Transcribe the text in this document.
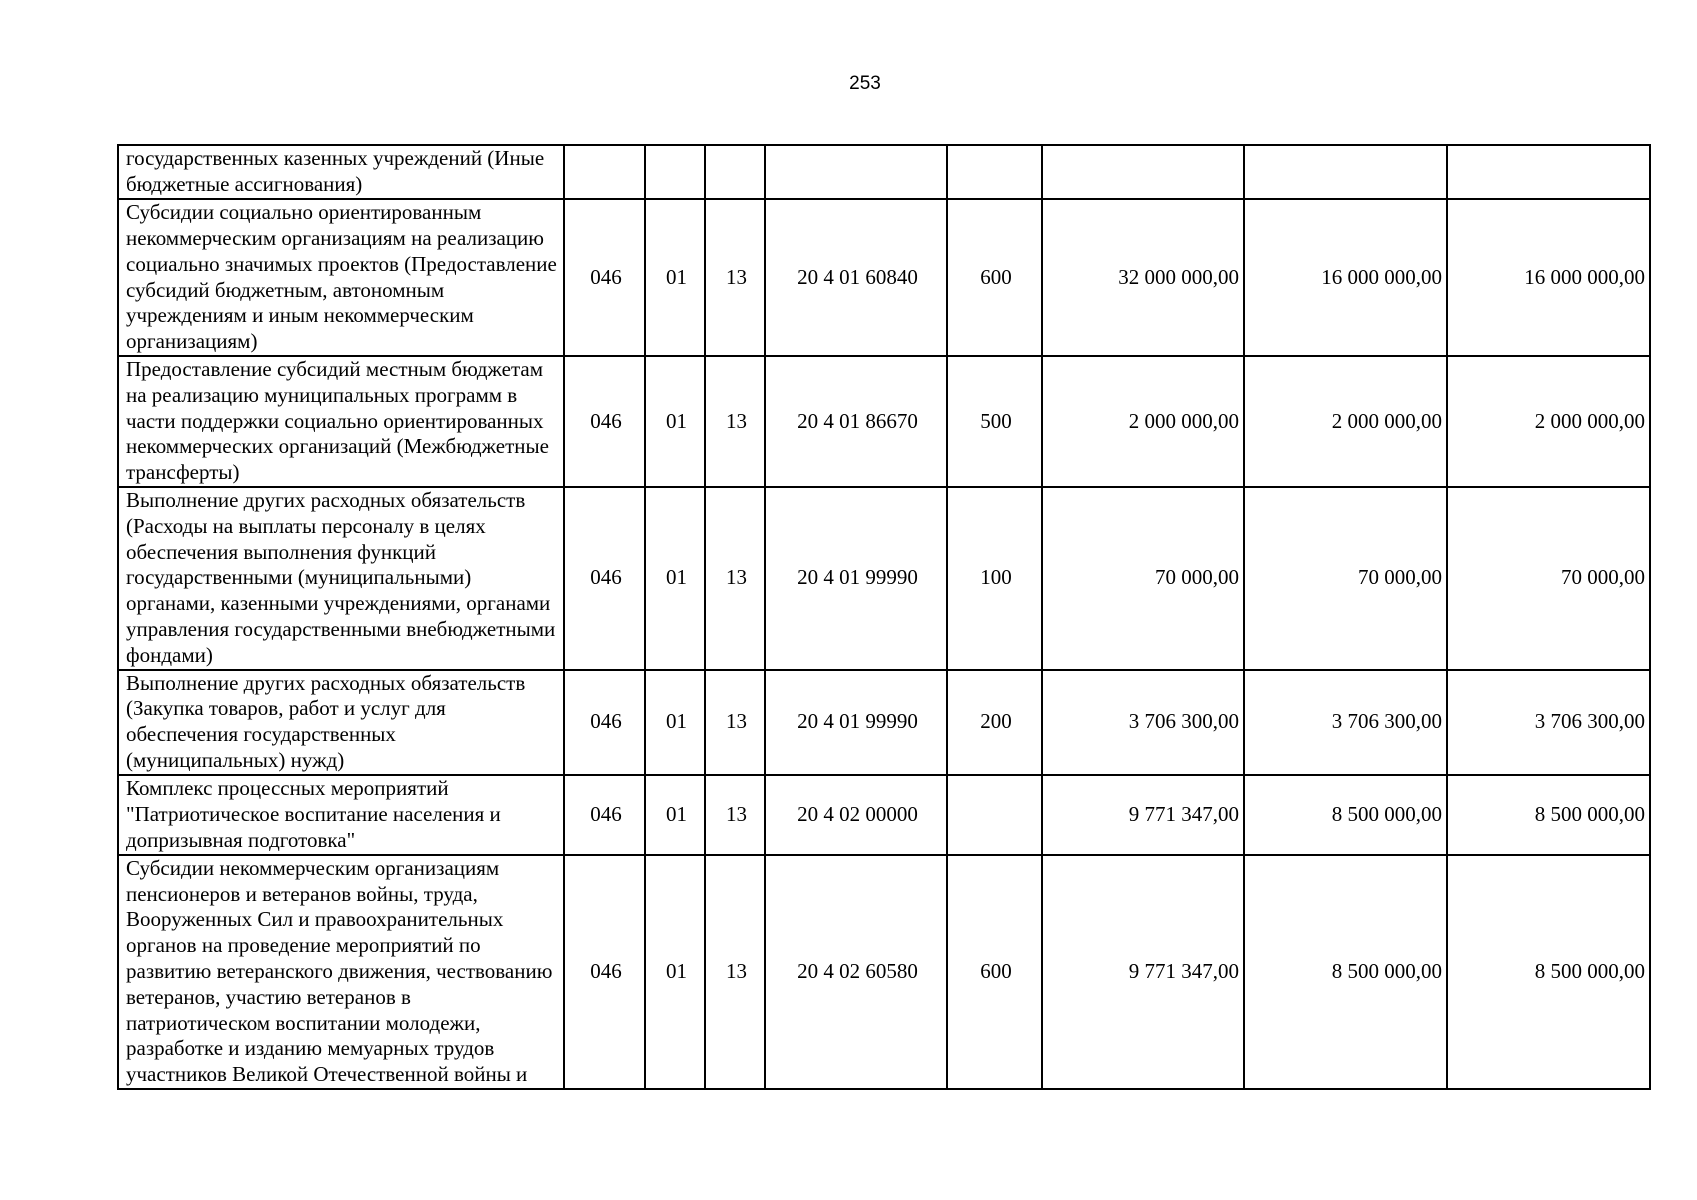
253
государственных казенных учреждений (Иные бюджетные ассигнования)								
Субсидии социально ориентированным некоммерческим организациям на реализацию социально значимых проектов (Предоставление субсидий бюджетным, автономным учреждениям и иным некоммерческим организациям)	046	01	13	20 4 01 60840	600	32 000 000,00	16 000 000,00	16 000 000,00
Предоставление субсидий местным бюджетам на реализацию муниципальных программ в части поддержки социально ориентированных некоммерческих организаций (Межбюджетные трансферты)	046	01	13	20 4 01 86670	500	2 000 000,00	2 000 000,00	2 000 000,00
Выполнение других расходных обязательств (Расходы на выплаты персоналу в целях обеспечения выполнения функций государственными (муниципальными) органами, казенными учреждениями, органами управления государственными внебюджетными фондами)	046	01	13	20 4 01 99990	100	70 000,00	70 000,00	70 000,00
Выполнение других расходных обязательств (Закупка товаров, работ и услуг для обеспечения государственных (муниципальных) нужд)	046	01	13	20 4 01 99990	200	3 706 300,00	3 706 300,00	3 706 300,00
Комплекс процессных мероприятий "Патриотическое воспитание населения и допризывная подготовка"	046	01	13	20 4 02 00000		9 771 347,00	8 500 000,00	8 500 000,00
Субсидии некоммерческим организациям пенсионеров и ветеранов войны, труда, Вооруженных Сил и правоохранительных органов на проведение мероприятий по развитию ветеранского движения, чествованию ветеранов, участию ветеранов в патриотическом воспитании молодежи, разработке и изданию мемуарных трудов участников Великой Отечественной войны и	046	01	13	20 4 02 60580	600	9 771 347,00	8 500 000,00	8 500 000,00
